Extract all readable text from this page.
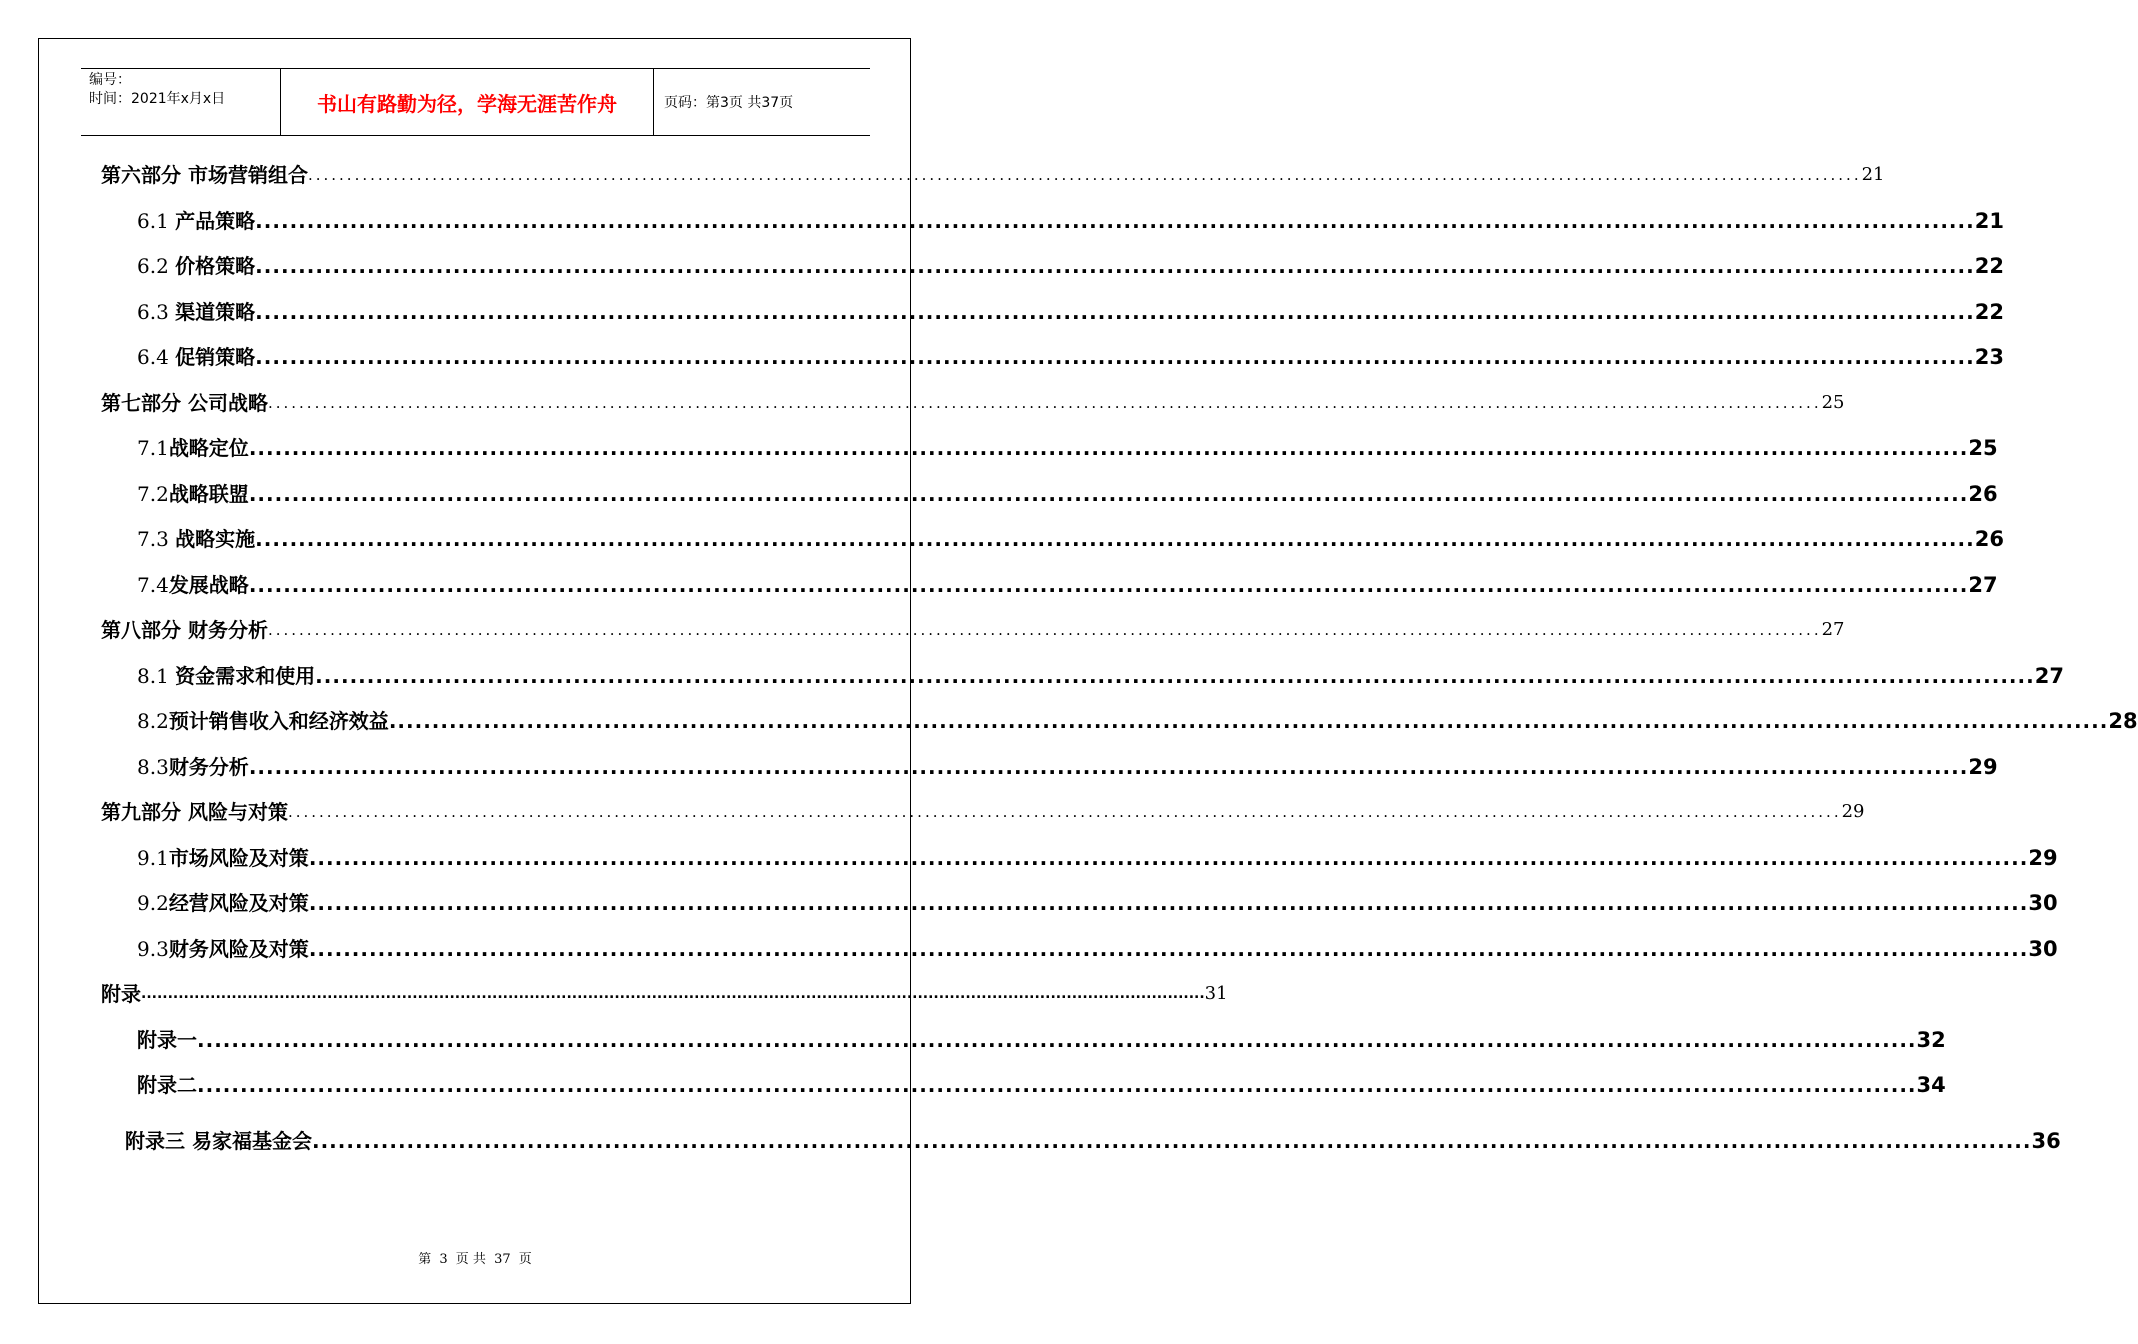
编号：
时间：2021年x月x日	书山有路勤为径，学海无涯苦作舟	页码：第3页 共37页
第六部分 市场营销组合 ........................................................................................................................................................................................................ 21
6.1 产品策略 ........................................................................................................................................................................................................ 21
6.2 价格策略 ........................................................................................................................................................................................................ 22
6.3 渠道策略 ........................................................................................................................................................................................................ 22
6.4 促销策略 ........................................................................................................................................................................................................ 23
第七部分 公司战略 ........................................................................................................................................................................................................ 25
7.1战略定位 ........................................................................................................................................................................................................ 25
7.2战略联盟 ........................................................................................................................................................................................................ 26
7.3 战略实施 ........................................................................................................................................................................................................ 26
7.4发展战略 ........................................................................................................................................................................................................ 27
第八部分 财务分析 ........................................................................................................................................................................................................ 27
8.1 资金需求和使用 ........................................................................................................................................................................................................ 27
8.2预计销售收入和经济效益 ........................................................................................................................................................................................................ 28
8.3财务分析 ........................................................................................................................................................................................................ 29
第九部分 风险与对策 ........................................................................................................................................................................................................ 29
9.1市场风险及对策 ........................................................................................................................................................................................................ 29
9.2经营风险及对策 ........................................................................................................................................................................................................ 30
9.3财务风险及对策 ........................................................................................................................................................................................................ 30
附录 ........................................................................................................................................................................................................ 31
附录一 ........................................................................................................................................................................................................ 32
附录二 ........................................................................................................................................................................................................ 34
附录三 易家福基金会 ........................................................................................................................................................................................................ 36
第 3 页 共 37 页
